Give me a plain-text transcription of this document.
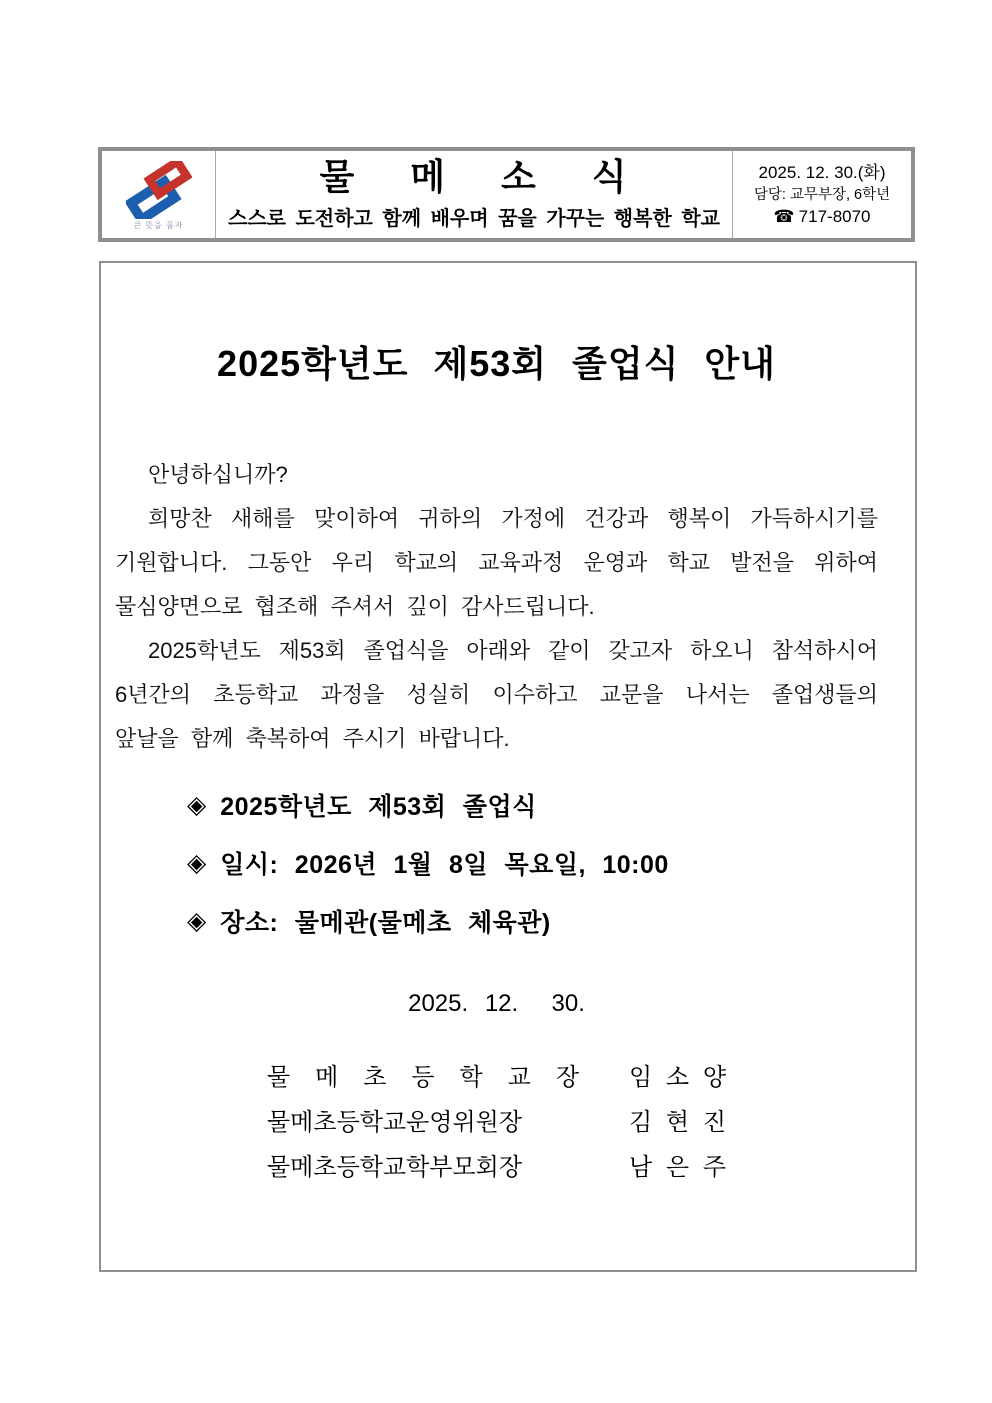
큰 뜻을 품자
물 메 소 식
스스로 도전하고 함께 배우며 꿈을 가꾸는 행복한 학교
2025. 12. 30.(화)
담당: 교무부장, 6학년
☎ 717-8070
2025학년도 제53회 졸업식 안내
안녕하십니까?
희망찬 새해를 맞이하여 귀하의 가정에 건강과 행복이 가득하시기를
기원합니다. 그동안 우리 학교의 교육과정 운영과 학교 발전을 위하여
물심양면으로 협조해 주셔서 깊이 감사드립니다.
2025학년도 제53회 졸업식을 아래와 같이 갖고자 하오니 참석하시어
6년간의 초등학교 과정을 성실히 이수하고 교문을 나서는 졸업생들의
앞날을 함께 축복하여 주시기 바랍니다.
◈ 2025학년도 제53회 졸업식
◈ 일시: 2026년 1월 8일 목요일, 10:00
◈ 장소: 물메관(물메초 체육관)
2025. 12.  30.
물 메 초 등 학 교 장 임 소 양
물메초등학교운영위원장	김 현 진
물메초등학교학부모회장	남 은 주
